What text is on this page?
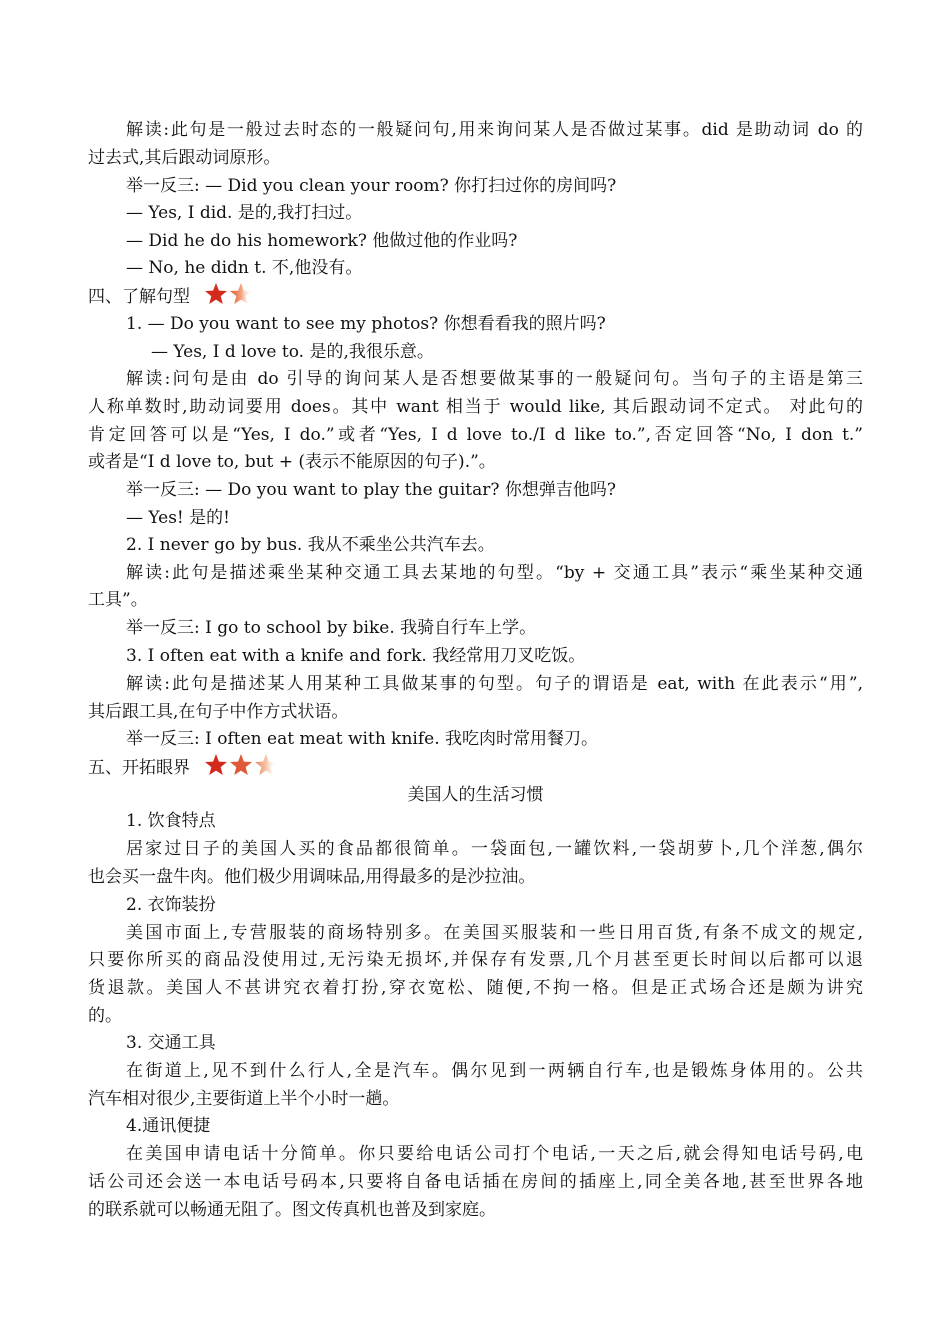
解读:此句是一般过去时态的一般疑问句,用来询问某人是否做过某事。did 是助动词 do 的
过去式,其后跟动词原形。
举一反三: — Did you clean your room? 你打扫过你的房间吗?
— Yes, I did. 是的,我打扫过。
— Did he do his homework? 他做过他的作业吗?
— No, he didn t. 不,他没有。
四、了解句型
1. — Do you want to see my photos? 你想看看我的照片吗?
— Yes, I d love to. 是的,我很乐意。
解读:问句是由 do 引导的询问某人是否想要做某事的一般疑问句。当句子的主语是第三
人称单数时,助动词要用 does。其中 want 相当于 would like, 其后跟动词不定式。 对此句的
肯定回答可以是“Yes, I do.”或者“Yes, I d love to./I d like to.”,否定回答“No, I don t.”
或者是“I d love to, but + (表示不能原因的句子).”。
举一反三: — Do you want to play the guitar? 你想弹吉他吗?
— Yes! 是的!
2. I never go by bus. 我从不乘坐公共汽车去。
解读:此句是描述乘坐某种交通工具去某地的句型。“by + 交通工具”表示“乘坐某种交通
工具”。
举一反三: I go to school by bike. 我骑自行车上学。
3. I often eat with a knife and fork. 我经常用刀叉吃饭。
解读:此句是描述某人用某种工具做某事的句型。句子的谓语是 eat, with 在此表示“用”,
其后跟工具,在句子中作方式状语。
举一反三: I often eat meat with knife. 我吃肉时常用餐刀。
五、开拓眼界
美国人的生活习惯
1. 饮食特点
居家过日子的美国人买的食品都很简单。一袋面包,一罐饮料,一袋胡萝卜,几个洋葱,偶尔
也会买一盘牛肉。他们极少用调味品,用得最多的是沙拉油。
2. 衣饰装扮
美国市面上,专营服装的商场特别多。在美国买服装和一些日用百货,有条不成文的规定,
只要你所买的商品没使用过,无污染无损坏,并保存有发票,几个月甚至更长时间以后都可以退
货退款。美国人不甚讲究衣着打扮,穿衣宽松、随便,不拘一格。但是正式场合还是颇为讲究
的。
3. 交通工具
在街道上,见不到什么行人,全是汽车。偶尔见到一两辆自行车,也是锻炼身体用的。公共
汽车相对很少,主要街道上半个小时一趟。
4.通讯便捷
在美国申请电话十分简单。你只要给电话公司打个电话,一天之后,就会得知电话号码,电
话公司还会送一本电话号码本,只要将自备电话插在房间的插座上,同全美各地,甚至世界各地
的联系就可以畅通无阻了。图文传真机也普及到家庭。
